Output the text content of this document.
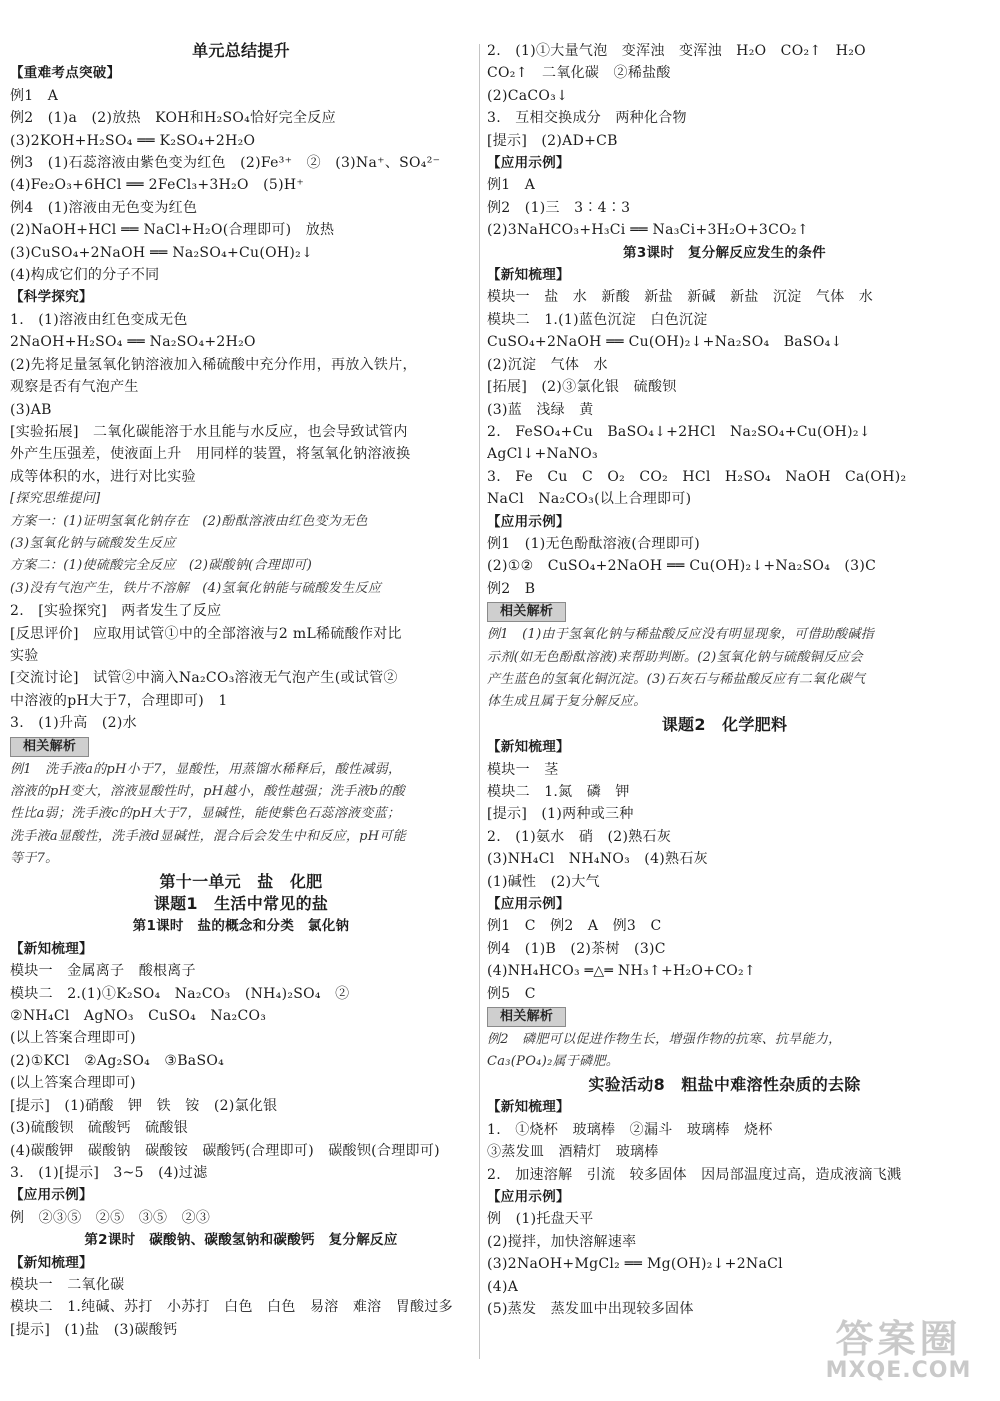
单元总结提升
【重难考点突破】
例1　A
例2　(1)a　(2)放热　KOH和H₂SO₄恰好完全反应
(3)2KOH+H₂SO₄ ══ K₂SO₄+2H₂O
例3　(1)石蕊溶液由紫色变为红色　(2)Fe³⁺　②　(3)Na⁺、SO₄²⁻
(4)Fe₂O₃+6HCl ══ 2FeCl₃+3H₂O　(5)H⁺
例4　(1)溶液由无色变为红色
(2)NaOH+HCl ══ NaCl+H₂O(合理即可)　放热
(3)CuSO₄+2NaOH ══ Na₂SO₄+Cu(OH)₂↓
(4)构成它们的分子不同
【科学探究】
1.　(1)溶液由红色变成无色
2NaOH+H₂SO₄ ══ Na₂SO₄+2H₂O
(2)先将足量氢氧化钠溶液加入稀硫酸中充分作用，再放入铁片，
观察是否有气泡产生
(3)AB
[实验拓展]　二氧化碳能溶于水且能与水反应，也会导致试管内
外产生压强差，使液面上升　用同样的装置，将氢氧化钠溶液换
成等体积的水，进行对比实验
[探究思维提问]
方案一：(1)证明氢氧化钠存在　(2)酚酞溶液由红色变为无色
(3)氢氧化钠与硫酸发生反应
方案二：(1)使硫酸完全反应　(2)碳酸钠(合理即可)
(3)没有气泡产生，铁片不溶解　(4)氢氧化钠能与硫酸发生反应
2.　[实验探究]　两者发生了反应
[反思评价]　应取用试管①中的全部溶液与2 mL稀硫酸作对比
实验
[交流讨论]　试管②中滴入Na₂CO₃溶液无气泡产生(或试管②
中溶液的pH大于7，合理即可)　1
3.　(1)升高　(2)水
相关解析
例1　洗手液a的pH小于7，显酸性，用蒸馏水稀释后，酸性减弱，
溶液的pH变大，溶液显酸性时，pH越小，酸性越强；洗手液b的酸
性比a弱；洗手液c的pH大于7，显碱性，能使紫色石蕊溶液变蓝；
洗手液a显酸性，洗手液d显碱性，混合后会发生中和反应，pH可能
等于7。
第十一单元　盐　化肥
课题1　生活中常见的盐
第1课时　盐的概念和分类　氯化钠
【新知梳理】
模块一　金属离子　酸根离子
模块二　2.(1)①K₂SO₄　Na₂CO₃　(NH₄)₂SO₄　②
②NH₄Cl　AgNO₃　CuSO₄　Na₂CO₃
(以上答案合理即可)
(2)①KCl　②Ag₂SO₄　③BaSO₄
(以上答案合理即可)
[提示]　(1)硝酸　钾　铁　铵　(2)氯化银
(3)硫酸钡　硫酸钙　硫酸银
(4)碳酸钾　碳酸钠　碳酸铵　碳酸钙(合理即可)　碳酸钡(合理即可)
3.　(1)[提示]　3~5　(4)过滤
【应用示例】
例　②③⑤　②⑤　③⑤　②③
第2课时　碳酸钠、碳酸氢钠和碳酸钙　复分解反应
【新知梳理】
模块一　二氧化碳
模块二　1.纯碱、苏打　小苏打　白色　白色　易溶　难溶　胃酸过多
[提示]　(1)盐　(3)碳酸钙
2.　(1)①大量气泡　变浑浊　变浑浊　H₂O　CO₂↑　H₂O
CO₂↑　二氧化碳　②稀盐酸
(2)CaCO₃↓
3.　互相交换成分　两种化合物
[提示]　(2)AD+CB
【应用示例】
例1　A
例2　(1)三　3∶4∶3
(2)3NaHCO₃+H₃Ci ══ Na₃Ci+3H₂O+3CO₂↑
第3课时　复分解反应发生的条件
【新知梳理】
模块一　盐　水　新酸　新盐　新碱　新盐　沉淀　气体　水
模块二　1.(1)蓝色沉淀　白色沉淀
CuSO₄+2NaOH ══ Cu(OH)₂↓+Na₂SO₄　BaSO₄↓
(2)沉淀　气体　水
[拓展]　(2)③氯化银　硫酸钡
(3)蓝　浅绿　黄
2.　FeSO₄+Cu　BaSO₄↓+2HCl　Na₂SO₄+Cu(OH)₂↓
AgCl↓+NaNO₃
3.　Fe　Cu　C　O₂　CO₂　HCl　H₂SO₄　NaOH　Ca(OH)₂
NaCl　Na₂CO₃(以上合理即可)
【应用示例】
例1　(1)无色酚酞溶液(合理即可)
(2)①②　CuSO₄+2NaOH ══ Cu(OH)₂↓+Na₂SO₄　(3)C
例2　B
相关解析
例1　(1)由于氢氧化钠与稀盐酸反应没有明显现象，可借助酸碱指
示剂(如无色酚酞溶液)来帮助判断。(2)氢氧化钠与硫酸铜反应会
产生蓝色的氢氧化铜沉淀。(3)石灰石与稀盐酸反应有二氧化碳气
体生成且属于复分解反应。
课题2　化学肥料
【新知梳理】
模块一　茎
模块二　1.氮　磷　钾
[提示]　(1)两种或三种
2.　(1)氨水　硝　(2)熟石灰
(3)NH₄Cl　NH₄NO₃　(4)熟石灰
(1)碱性　(2)大气
【应用示例】
例1　C　例2　A　例3　C
例4　(1)B　(2)茶树　(3)C
(4)NH₄HCO₃ ═△═ NH₃↑+H₂O+CO₂↑
例5　C
相关解析
例2　磷肥可以促进作物生长，增强作物的抗寒、抗旱能力，
Ca₃(PO₄)₂属于磷肥。
实验活动8　粗盐中难溶性杂质的去除
【新知梳理】
1.　①烧杯　玻璃棒　②漏斗　玻璃棒　烧杯
③蒸发皿　酒精灯　玻璃棒
2.　加速溶解　引流　较多固体　因局部温度过高，造成液滴飞溅
【应用示例】
例　(1)托盘天平
(2)搅拌，加快溶解速率
(3)2NaOH+MgCl₂ ══ Mg(OH)₂↓+2NaCl
(4)A
(5)蒸发　蒸发皿中出现较多固体
答案圈
MXQE.COM
